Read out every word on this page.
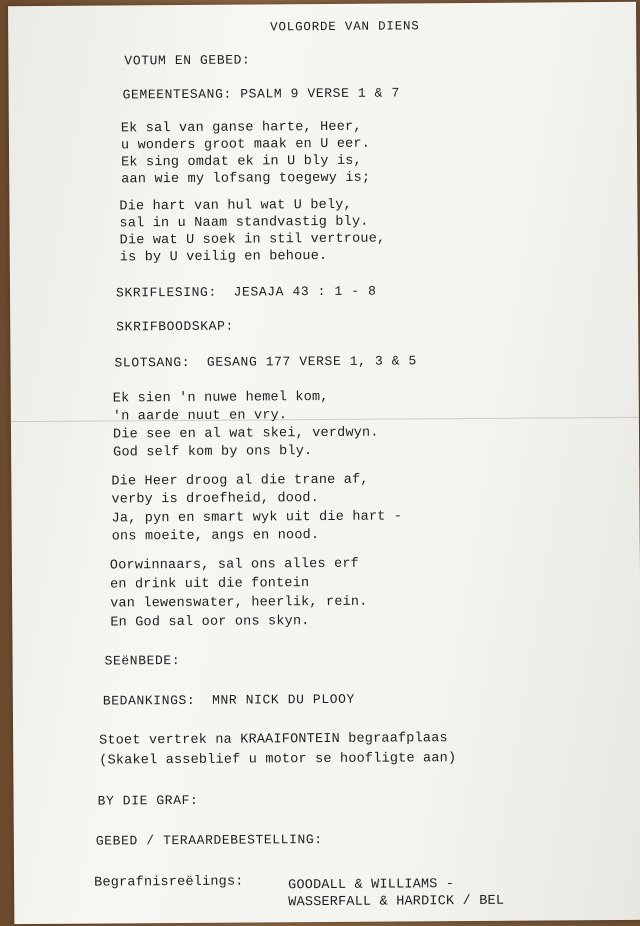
VOLGORDE VAN DIENS
VOTUM EN GEBED:
GEMEENTESANG: PSALM 9 VERSE 1 & 7
Ek sal van ganse harte, Heer,
u wonders groot maak en U eer.
Ek sing omdat ek in U bly is,
aan wie my lofsang toegewy is;
Die hart van hul wat U bely,
sal in u Naam standvastig bly.
Die wat U soek in stil vertroue,
is by U veilig en behoue.
SKRIFLESING:  JESAJA 43 : 1 - 8
SKRIFBOODSKAP:
SLOTSANG:  GESANG 177 VERSE 1, 3 & 5
Ek sien 'n nuwe hemel kom,
'n aarde nuut en vry.
Die see en al wat skei, verdwyn.
God self kom by ons bly.
Die Heer droog al die trane af,
verby is droefheid, dood.
Ja, pyn en smart wyk uit die hart -
ons moeite, angs en nood.
Oorwinnaars, sal ons alles erf
en drink uit die fontein
van lewenswater, heerlik, rein.
En God sal oor ons skyn.
SEëNBEDE:
BEDANKINGS:  MNR NICK DU PLOOY
Stoet vertrek na KRAAIFONTEIN begraafplaas
(Skakel asseblief u motor se hoofligte aan)
BY DIE GRAF:
GEBED / TERAARDEBESTELLING:
Begrafnisreëlings:	GOODALL & WILLIAMS -
WASSERFALL & HARDICK / BEL
